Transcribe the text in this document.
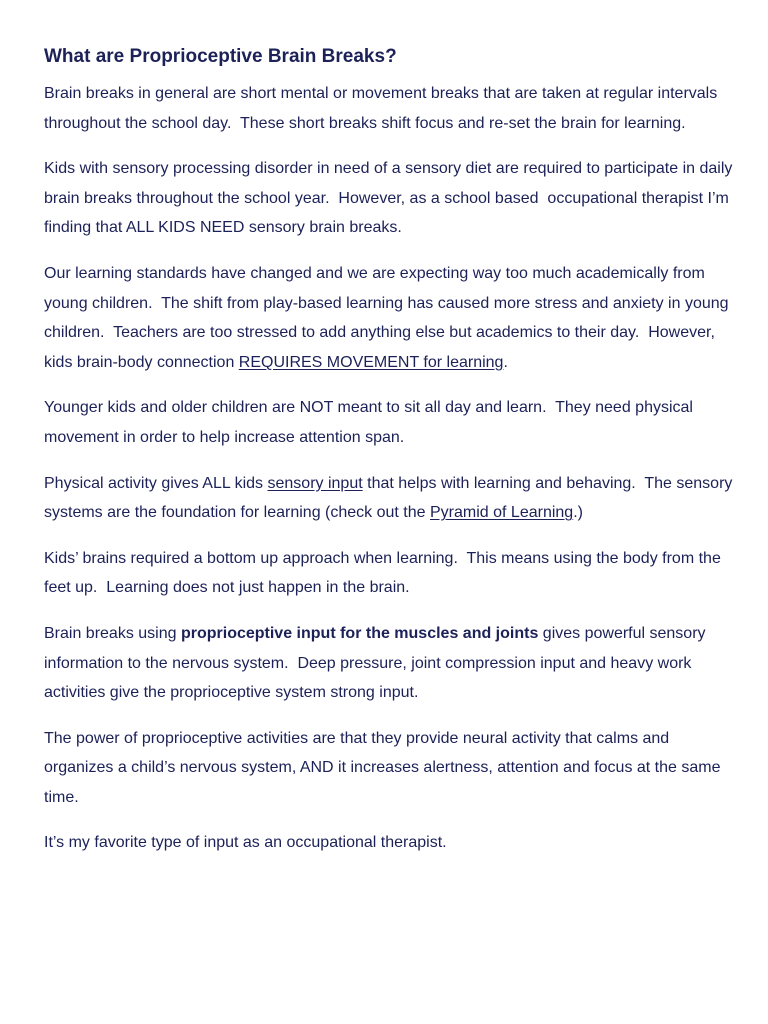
What are Proprioceptive Brain Breaks?

Brain breaks in general are short mental or movement breaks that are taken at regular intervals throughout the school day.  These short breaks shift focus and re-set the brain for learning.

Kids with sensory processing disorder in need of a sensory diet are required to participate in daily brain breaks throughout the school year.  However, as a school based  occupational therapist I’m finding that ALL KIDS NEED sensory brain breaks.

Our learning standards have changed and we are expecting way too much academically from young children.  The shift from play-based learning has caused more stress and anxiety in young children.  Teachers are too stressed to add anything else but academics to their day.  However, kids brain-body connection REQUIRES MOVEMENT for learning.

Younger kids and older children are NOT meant to sit all day and learn.  They need physical movement in order to help increase attention span.

Physical activity gives ALL kids sensory input that helps with learning and behaving.  The sensory systems are the foundation for learning (check out the Pyramid of Learning.)

Kids’ brains required a bottom up approach when learning.  This means using the body from the feet up.  Learning does not just happen in the brain.

Brain breaks using proprioceptive input for the muscles and joints gives powerful sensory information to the nervous system.  Deep pressure, joint compression input and heavy work activities give the proprioceptive system strong input.

The power of proprioceptive activities are that they provide neural activity that calms and organizes a child’s nervous system, AND it increases alertness, attention and focus at the same time.

It’s my favorite type of input as an occupational therapist.
